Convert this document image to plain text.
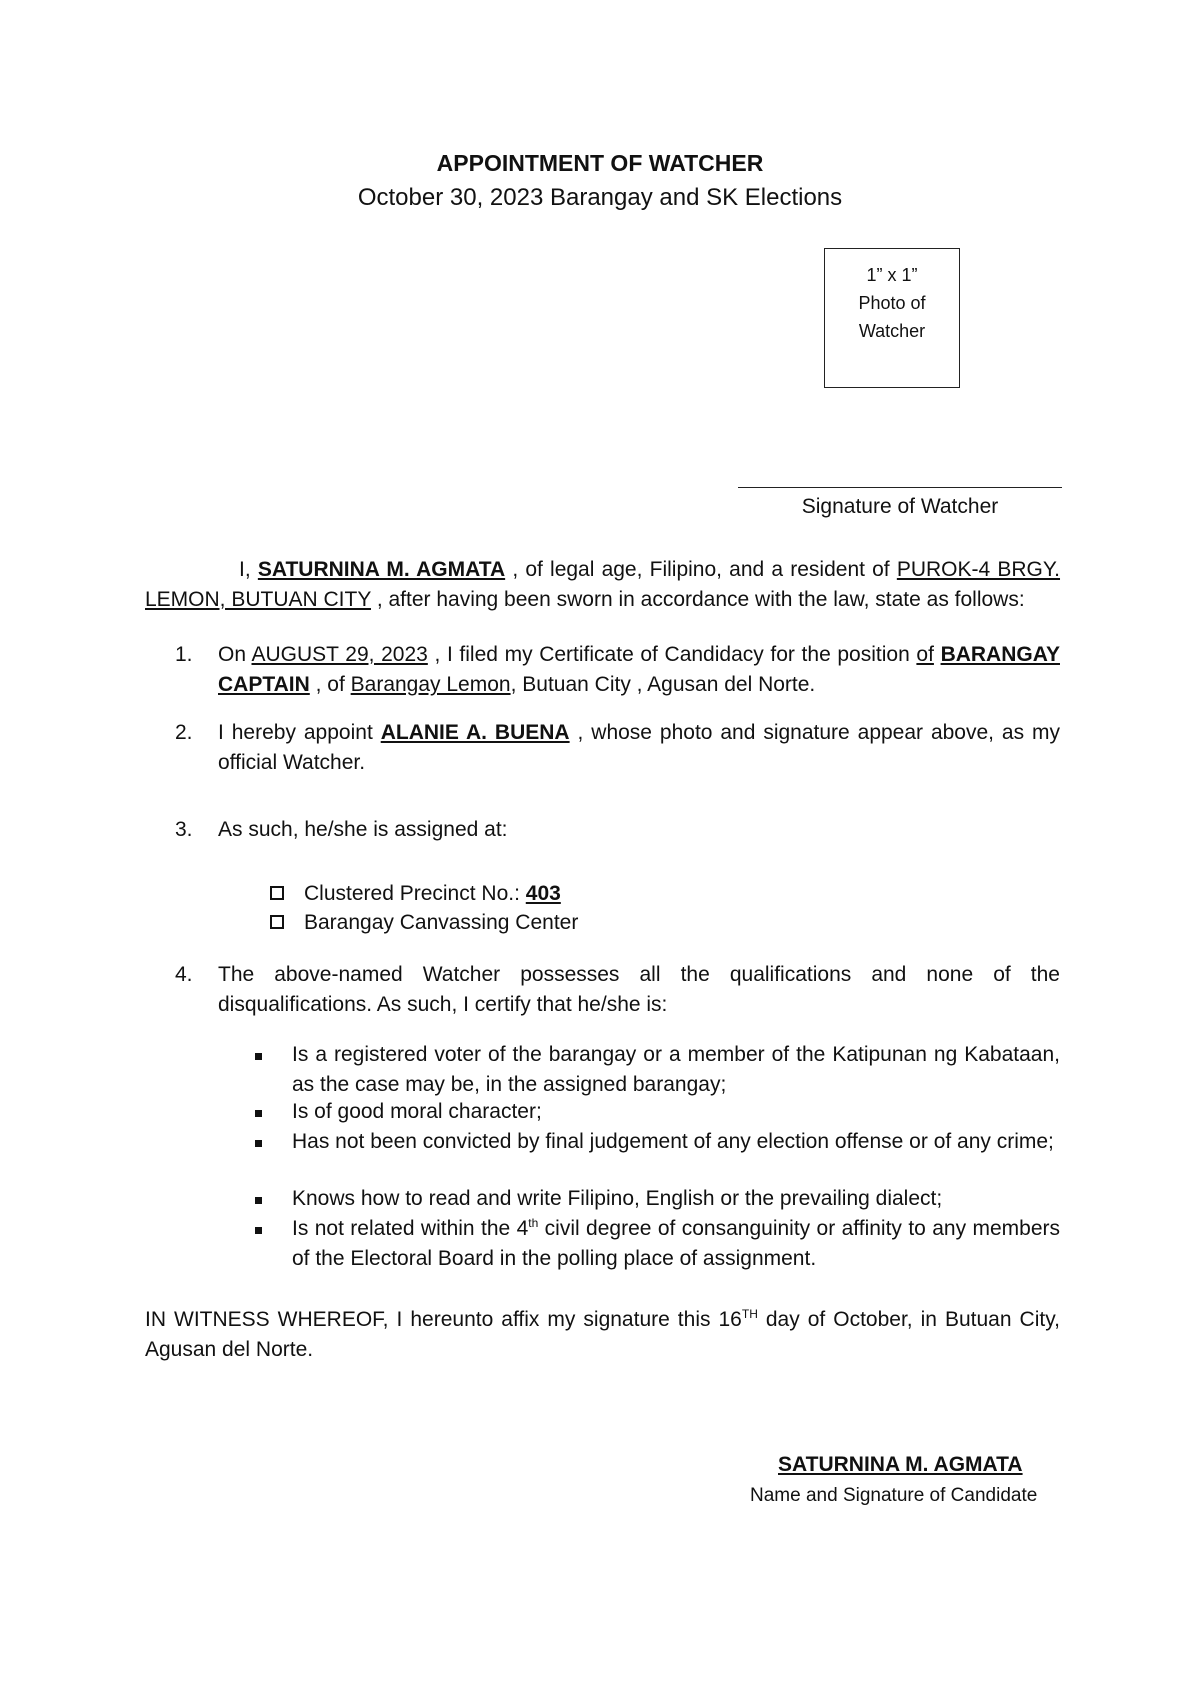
APPOINTMENT OF WATCHER
October 30, 2023 Barangay and SK Elections
1” x 1”
Photo of
Watcher
Signature of Watcher
I, SATURNINA M. AGMATA , of legal age, Filipino, and a resident of PUROK-4 BRGY. LEMON, BUTUAN CITY , after having been sworn in accordance with the law, state as follows:
1. On AUGUST 29, 2023 , I filed my Certificate of Candidacy for the position of BARANGAY CAPTAIN , of Barangay Lemon, Butuan City , Agusan del Norte.
2. I hereby appoint ALANIE A. BUENA , whose photo and signature appear above, as my official Watcher.
3. As such, he/she is assigned at:
Clustered Precinct No.: 403
Barangay Canvassing Center
4. The above-named Watcher possesses all the qualifications and none of the disqualifications. As such, I certify that he/she is:
Is a registered voter of the barangay or a member of the Katipunan ng Kabataan, as the case may be, in the assigned barangay;
Is of good moral character;
Has not been convicted by final judgement of any election offense or of any crime;
Knows how to read and write Filipino, English or the prevailing dialect;
Is not related within the 4th civil degree of consanguinity or affinity to any members of the Electoral Board in the polling place of assignment.
IN WITNESS WHEREOF, I hereunto affix my signature this 16TH day of October, in Butuan City, Agusan del Norte.
SATURNINA M. AGMATA
Name and Signature of Candidate
